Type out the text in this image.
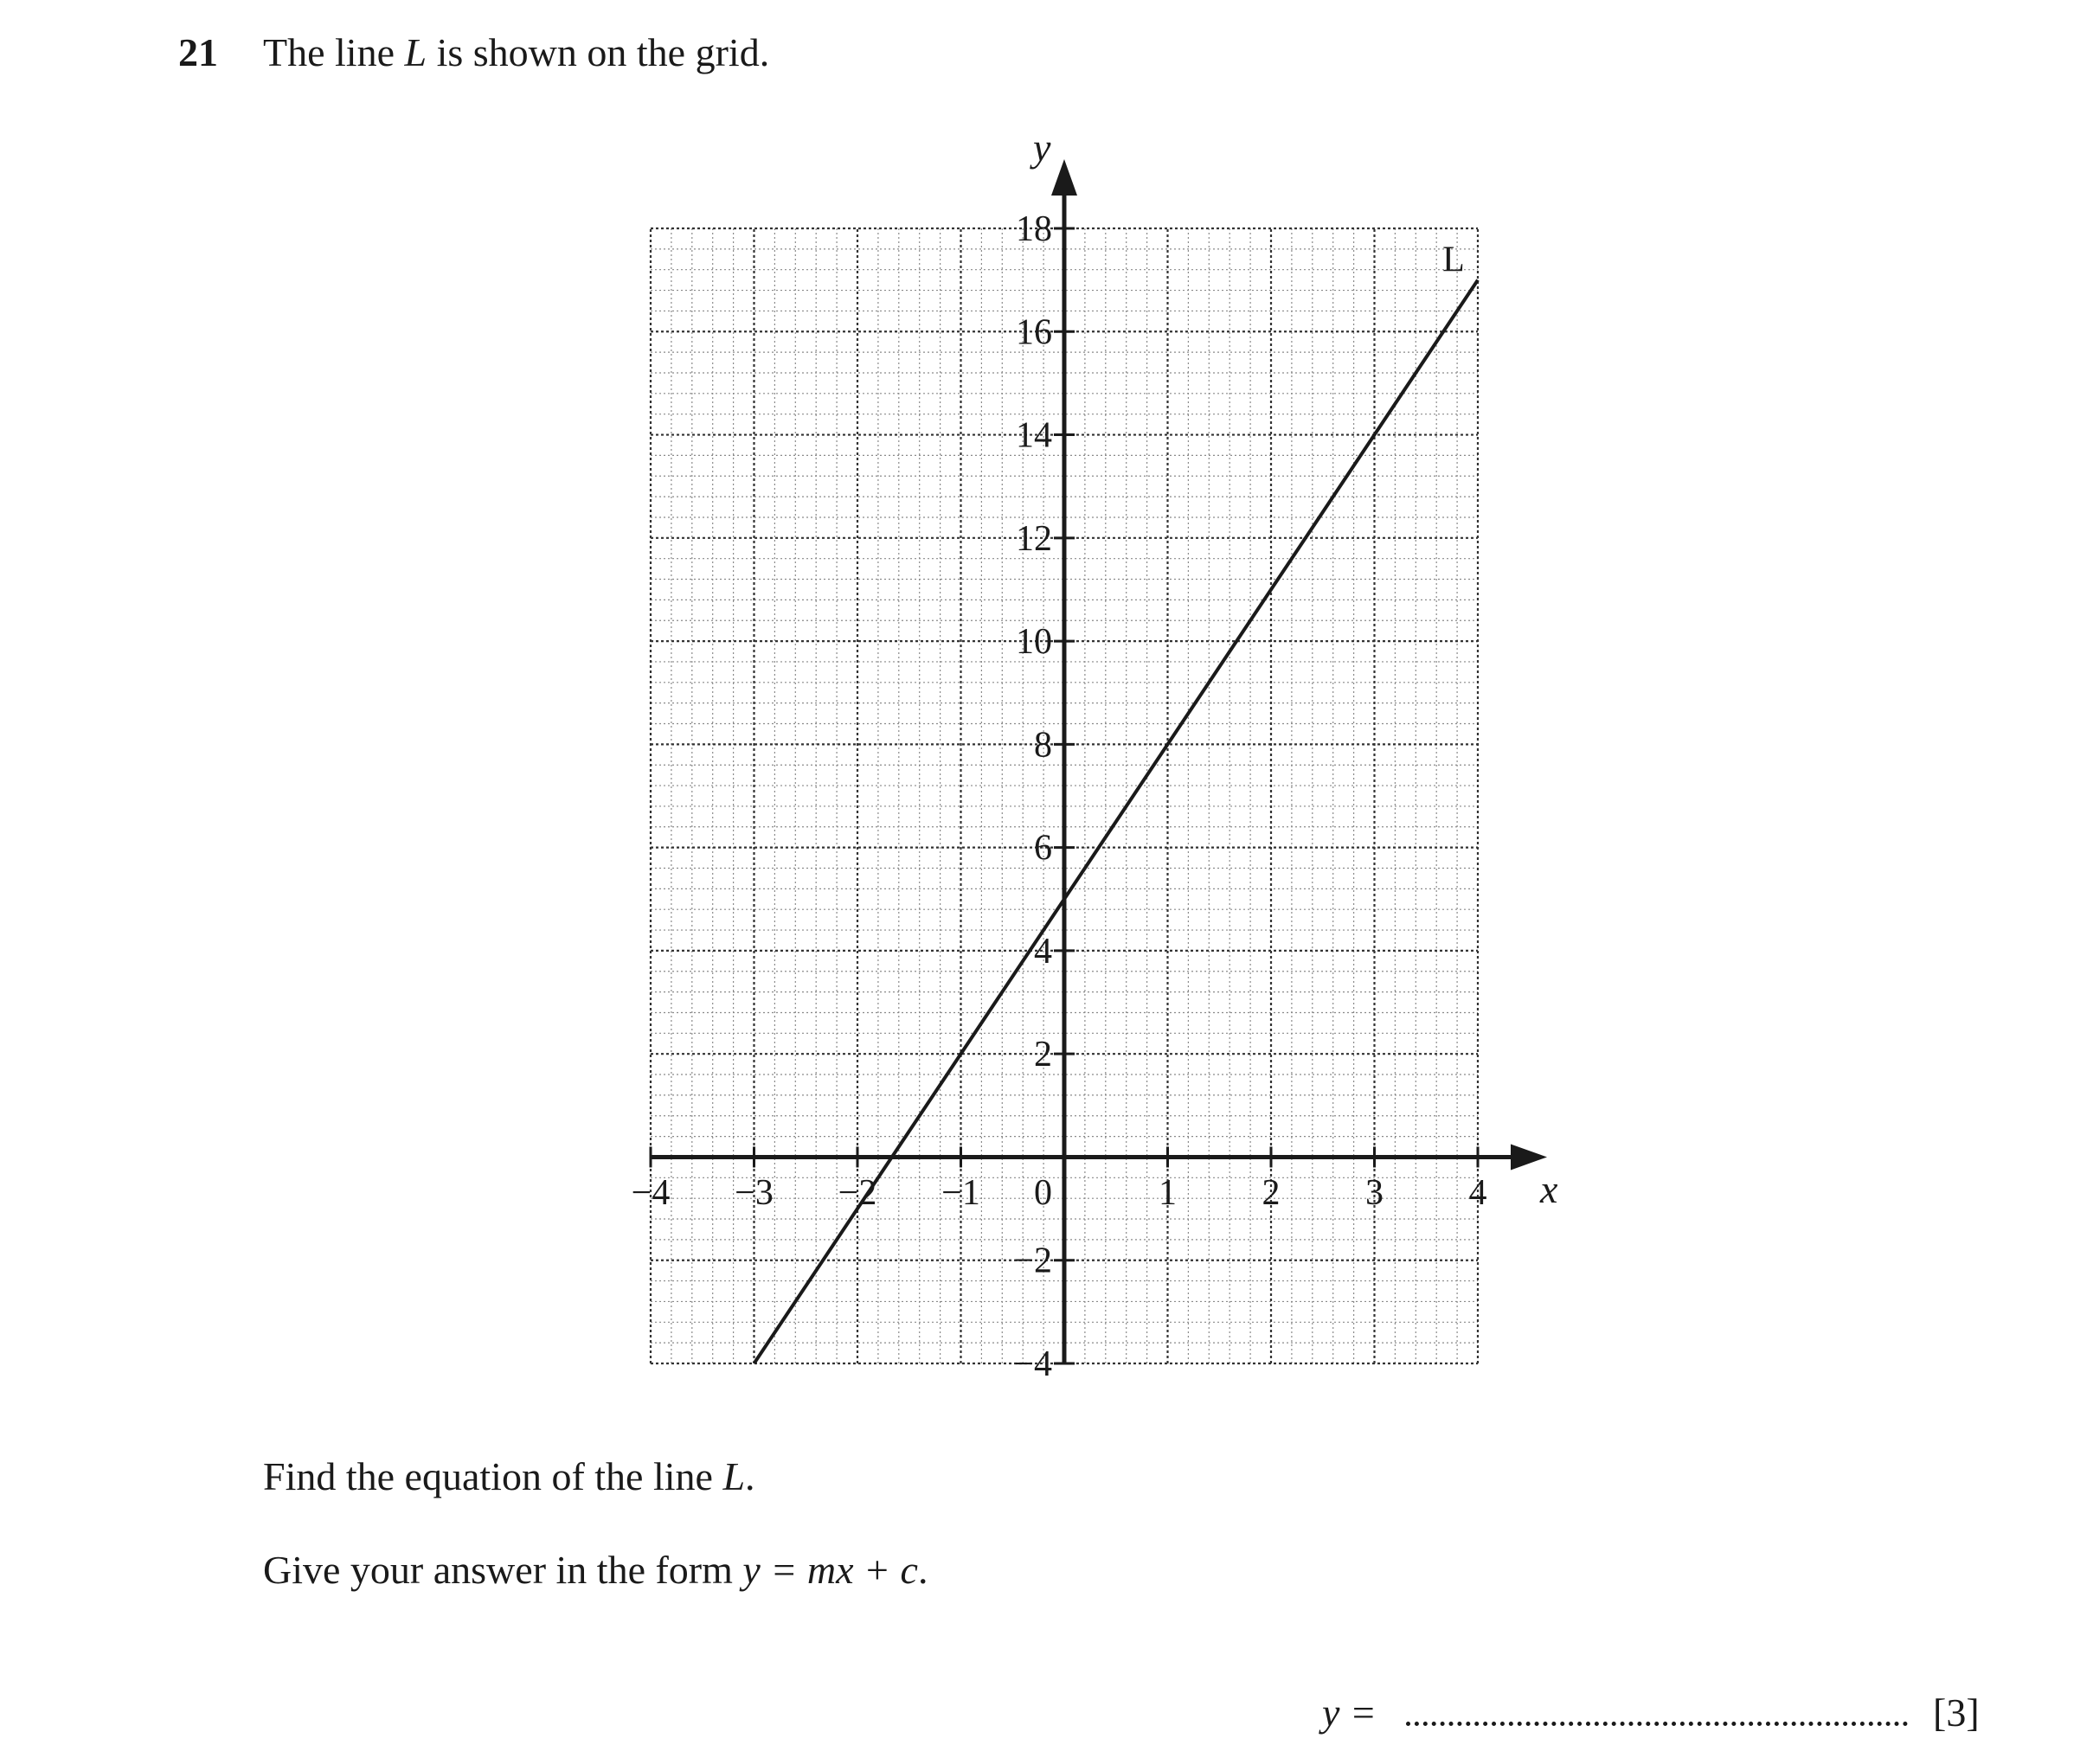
21 The line L is shown on the grid.
x
y
−4 −3 −2 −1 0	1 2 3 4
−4
−2
2
4
6
8
10
12
14
16
18
L
Find the equation of the line L.
Give your answer in the form y = mx + c.
y =	[3]
